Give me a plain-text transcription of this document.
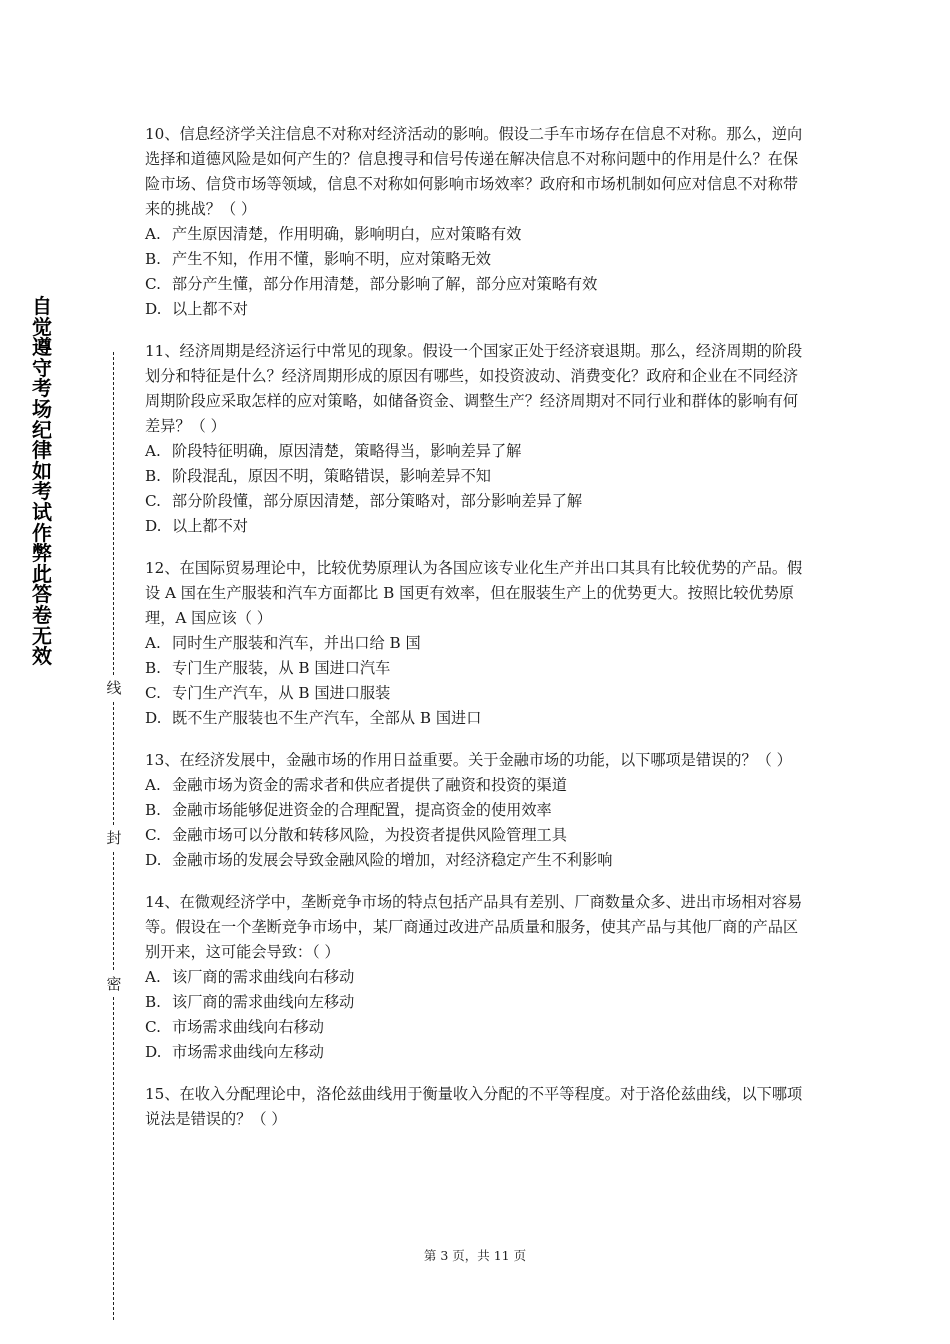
自觉遵守考场纪律如考试作弊此答卷无效
线
封
密

10、信息经济学关注信息不对称对经济活动的影响。假设二手车市场存在信息不对称。那么，逆向选择和道德风险是如何产生的？信息搜寻和信号传递在解决信息不对称问题中的作用是什么？在保险市场、信贷市场等领域，信息不对称如何影响市场效率？政府和市场机制如何应对信息不对称带来的挑战？（ ）

A. 产生原因清楚，作用明确，影响明白，应对策略有效
B. 产生不知，作用不懂，影响不明，应对策略无效
C. 部分产生懂，部分作用清楚，部分影响了解，部分应对策略有效
D. 以上都不对

11、经济周期是经济运行中常见的现象。假设一个国家正处于经济衰退期。那么，经济周期的阶段划分和特征是什么？经济周期形成的原因有哪些，如投资波动、消费变化？政府和企业在不同经济周期阶段应采取怎样的应对策略，如储备资金、调整生产？经济周期对不同行业和群体的影响有何差异？（ ）

A. 阶段特征明确，原因清楚，策略得当，影响差异了解
B. 阶段混乱，原因不明，策略错误，影响差异不知
C. 部分阶段懂，部分原因清楚，部分策略对，部分影响差异了解
D. 以上都不对

12、在国际贸易理论中，比较优势原理认为各国应该专业化生产并出口其具有比较优势的产品。假设 A 国在生产服装和汽车方面都比 B 国更有效率，但在服装生产上的优势更大。按照比较优势原理，A 国应该（ ）

A. 同时生产服装和汽车，并出口给 B 国
B. 专门生产服装，从 B 国进口汽车
C. 专门生产汽车，从 B 国进口服装
D. 既不生产服装也不生产汽车，全部从 B 国进口

13、在经济发展中，金融市场的作用日益重要。关于金融市场的功能，以下哪项是错误的？（ ）

A. 金融市场为资金的需求者和供应者提供了融资和投资的渠道
B. 金融市场能够促进资金的合理配置，提高资金的使用效率
C. 金融市场可以分散和转移风险，为投资者提供风险管理工具
D. 金融市场的发展会导致金融风险的增加，对经济稳定产生不利影响

14、在微观经济学中，垄断竞争市场的特点包括产品具有差别、厂商数量众多、进出市场相对容易等。假设在一个垄断竞争市场中，某厂商通过改进产品质量和服务，使其产品与其他厂商的产品区别开来，这可能会导致：（ ）

A. 该厂商的需求曲线向右移动
B. 该厂商的需求曲线向左移动
C. 市场需求曲线向右移动
D. 市场需求曲线向左移动

15、在收入分配理论中，洛伦兹曲线用于衡量收入分配的不平等程度。对于洛伦兹曲线，以下哪项说法是错误的？（ ）

第 3 页，共 11 页
